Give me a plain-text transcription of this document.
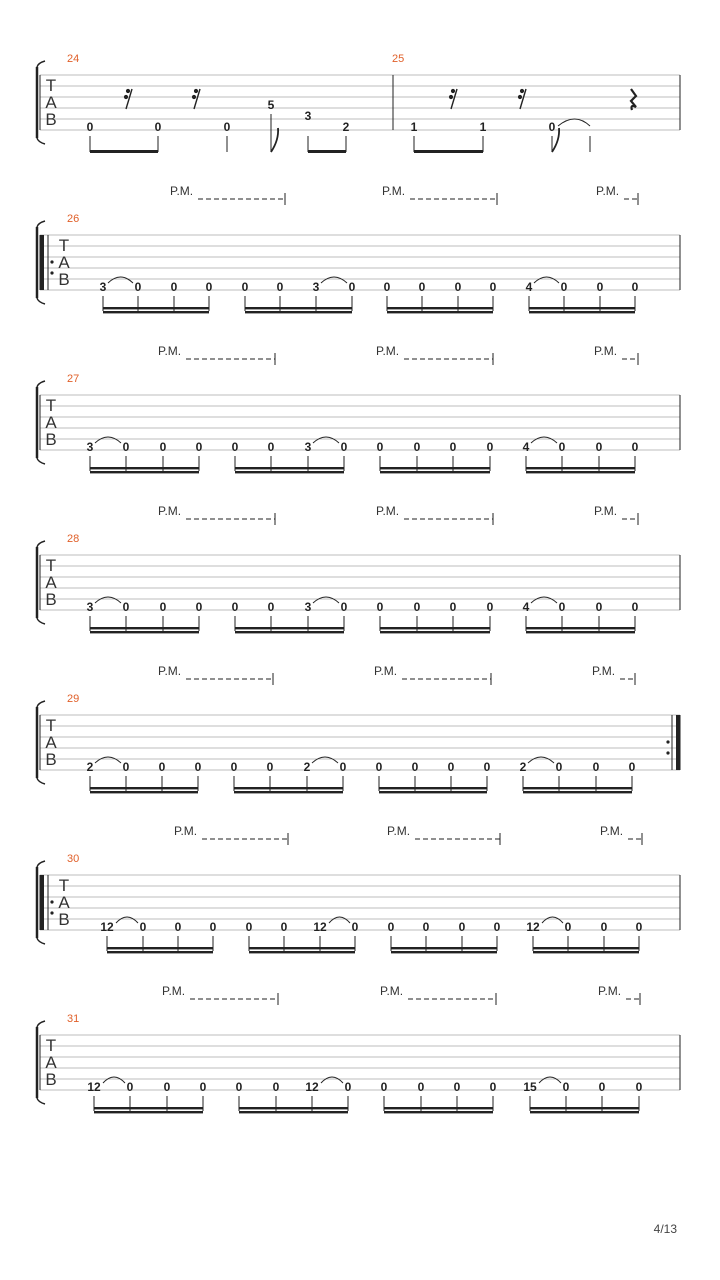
T
A
B
24	25
0	0	0
5
3
2	1	1	0
T
A
B
26
P.M.	P.M.	P.M.
3 0 0 0 0 0 3 0 0 0 0 0 4 0 0 0
T
A
B
27
P.M.	P.M.	P.M.
3 0	0 0 0 0	3 0 0	0 0	0 4 0	0 0
T
A
B
28
P.M.	P.M.	P.M.
3 0	0 0 0 0	3 0 0	0 0	0 4 0	0 0
T
A
B
29
P.M.	P.M.	P.M.
2 0 0 0 0 0	2 0 0 0 0 0 2 0	0 0
T
A
B
30
P.M.	P.M.	P.M.
12 0 0 0 0 0 12 0 0 0 0 0 12 0 0 0
T
A
B
31
P.M.	P.M.	P.M.
12 0	0 0 0	0 12 0 0	0 0 0 15 0 0	0
4/13
